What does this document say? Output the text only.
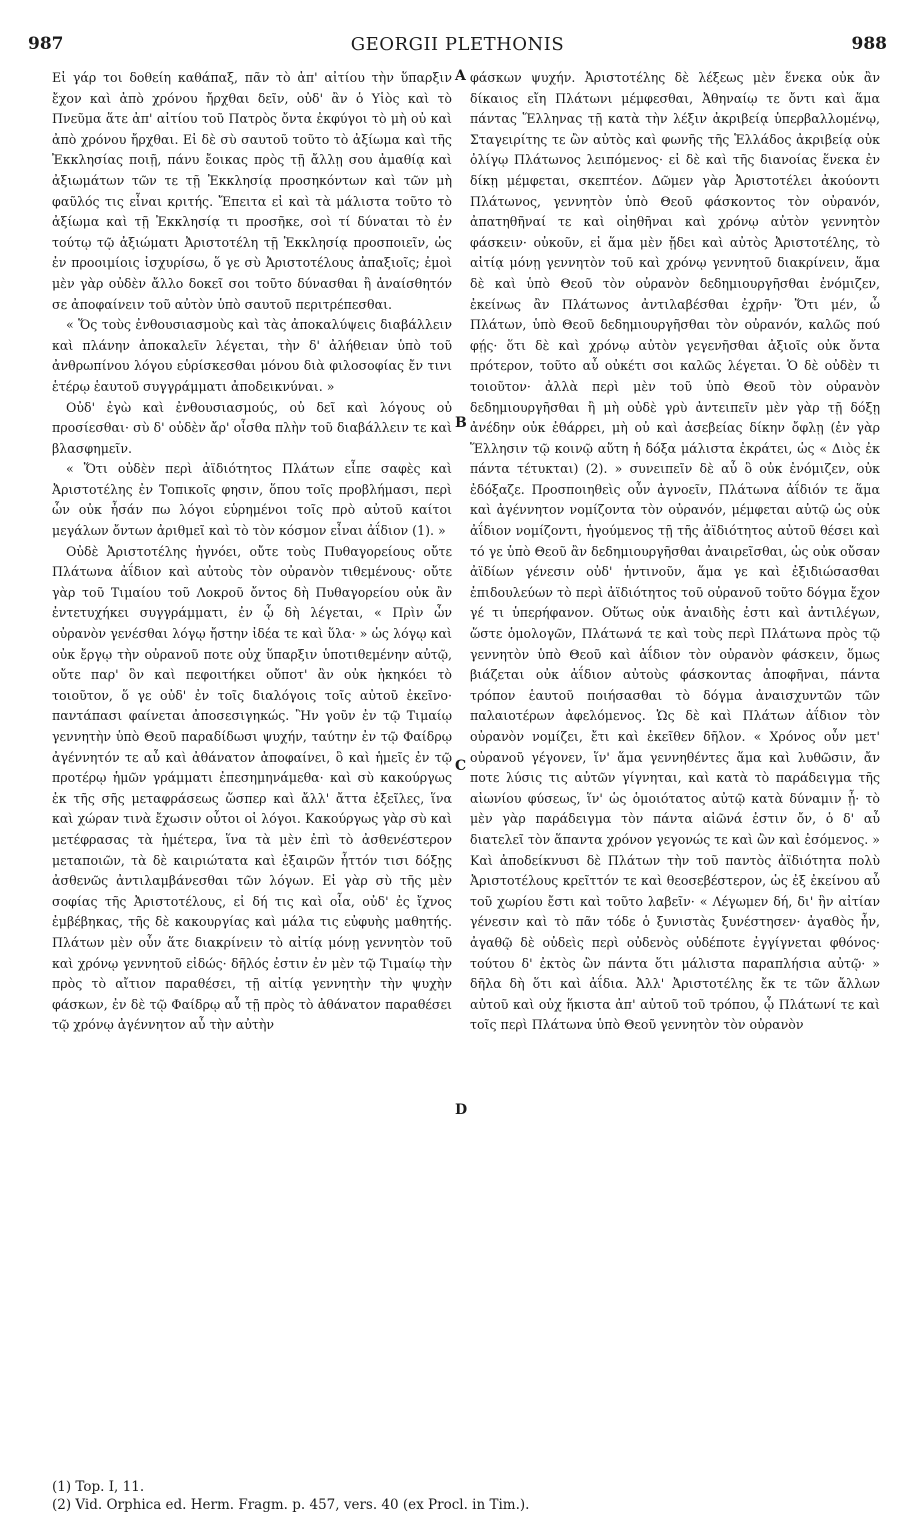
987	GEORGII PLETHONIS	988

Εἰ γάρ τοι δοθείη καθάπαξ, πᾶν τὸ ἀπ' αἰτίου τὴν ὕπαρξιν ἔχον καὶ ἀπὸ χρόνου ἤρχθαι δεῖν, οὐδ' ἂν ὁ Υἱὸς καὶ τὸ Πνεῦμα ἅτε ἀπ' αἰτίου τοῦ Πατρὸς ὄντα ἐκφύγοι τὸ μὴ οὐ καὶ ἀπὸ χρόνου ἤρχθαι. Εἰ δὲ σὺ σαυτοῦ τοῦτο τὸ ἀξίωμα καὶ τῆς Ἐκκλησίας ποιῇ, πάνυ ἔοικας πρὸς τῇ ἄλλῃ σου ἀμαθίᾳ καὶ ἀξιωμάτων τῶν τε τῇ Ἐκκλησίᾳ προσηκόντων καὶ τῶν μὴ φαῦλός τις εἶναι κριτής. Ἔπειτα εἰ καὶ τὰ μάλιστα τοῦτο τὸ ἀξίωμα καὶ τῇ Ἐκκλησίᾳ τι προσῆκε, σοὶ τί δύναται τὸ ἐν τούτῳ τῷ ἀξιώματι Ἀριστοτέλη τῇ Ἐκκλησίᾳ προσποιεῖν, ὡς ἐν προοιμίοις ἰσχυρίσω, ὅ γε σὺ Ἀριστοτέλους ἀπαξιοῖς; ἐμοὶ μὲν γὰρ οὐδὲν ἄλλο δοκεῖ σοι τοῦτο δύνασθαι ἢ ἀναίσθητόν σε ἀποφαίνειν τοῦ αὐτὸν ὑπὸ σαυτοῦ περιτρέπεσθαι.

« Ὅς τοὺς ἐνθουσιασμοὺς καὶ τὰς ἀποκαλύψεις διαβάλλειν καὶ πλάνην ἀποκαλεῖν λέγεται, τὴν δ' ἀλήθειαν ὑπὸ τοῦ ἀνθρωπίνου λόγου εὑρίσκεσθαι μόνου διὰ φιλοσοφίας ἔν τινι ἑτέρῳ ἑαυτοῦ συγγράμματι ἀποδεικνύναι. »

Οὐδ' ἐγὼ καὶ ἐνθουσιασμούς, οὐ δεῖ καὶ λόγους οὐ προσίεσθαι· σὺ δ' οὐδὲν ἄρ' οἶσθα πλὴν τοῦ διαβάλλειν τε καὶ βλασφημεῖν.

« Ὅτι οὐδὲν περὶ ἀϊδιότητος Πλάτων εἶπε σαφὲς καὶ Ἀριστοτέλης ἐν Τοπικοῖς φησιν, ὅπου τοῖς προβλήμασι, περὶ ὧν οὐκ ἦσάν πω λόγοι εὑρημένοι τοῖς πρὸ αὐτοῦ καίτοι μεγάλων ὄντων ἀριθμεῖ καὶ τὸ τὸν κόσμον εἶναι ἀΐδιον (1). »

Οὐδὲ Ἀριστοτέλης ἠγνόει, οὔτε τοὺς Πυθαγορείους οὔτε Πλάτωνα ἀΐδιον καὶ αὐτοὺς τὸν οὐρανὸν τιθεμένους· οὔτε γὰρ τοῦ Τιμαίου τοῦ Λοκροῦ ὄντος δὴ Πυθαγορείου οὐκ ἂν ἐντετυχήκει συγγράμματι, ἐν ᾧ δὴ λέγεται, « Πρὶν ὦν οὐρανὸν γενέσθαι λόγῳ ἤστην ἰδέα τε καὶ ὕλα· » ὡς λόγῳ καὶ οὐκ ἔργῳ τὴν οὐρανοῦ ποτε οὐχ ὕπαρξιν ὑποτιθεμένην αὐτῷ, οὔτε παρ' ὃν καὶ πεφοιτήκει οὔποτ' ἂν οὐκ ἠκηκόει τὸ τοιοῦτον, ὅ γε οὐδ' ἐν τοῖς διαλόγοις τοῖς αὐτοῦ ἐκεῖνο· παντάπασι φαίνεται ἀποσεσιγηκώς. Ἣν γοῦν ἐν τῷ Τιμαίῳ γεννητὴν ὑπὸ Θεοῦ παραδίδωσι ψυχήν, ταύτην ἐν τῷ Φαίδρῳ ἀγέννητόν τε αὖ καὶ ἀθάνατον ἀποφαίνει, ὃ καὶ ἡμεῖς ἐν τῷ προτέρῳ ἡμῶν γράμματι ἐπεσημηνάμεθα· καὶ σὺ κακούργως ἐκ τῆς σῆς μεταφράσεως ὥσπερ καὶ ἄλλ' ἄττα ἐξεῖλες, ἵνα καὶ χώραν τινὰ ἔχωσιν οὗτοι οἱ λόγοι. Κακούργως γὰρ σὺ καὶ μετέφρασας τὰ ἡμέτερα, ἵνα τὰ μὲν ἐπὶ τὸ ἀσθενέστερον μεταποιῶν, τὰ δὲ καιριώτατα καὶ ἐξαιρῶν ἧττόν τισι δόξῃς ἀσθενῶς ἀντιλαμβάνεσθαι τῶν λόγων. Εἰ γὰρ σὺ τῆς μὲν σοφίας τῆς Ἀριστοτέλους, εἰ δή τις καὶ οἷα, οὐδ' ἐς ἴχνος ἐμβέβηκας, τῆς δὲ κακουργίας καὶ μάλα τις εὐφυὴς μαθητής. Πλάτων μὲν οὖν ἅτε διακρίνειν τὸ αἰτίᾳ μόνῃ γεννητὸν τοῦ καὶ χρόνῳ γεννητοῦ εἰδώς· δῆλός ἐστιν ἐν μὲν τῷ Τιμαίῳ τὴν πρὸς τὸ αἴτιον παραθέσει, τῇ αἰτίᾳ γεννητὴν τὴν ψυχὴν φάσκων, ἐν δὲ τῷ Φαίδρῳ αὖ τῇ πρὸς τὸ ἀθάνατον παραθέσει τῷ χρόνῳ ἀγέννητον αὖ τὴν αὐτὴν

A
B
C
D

φάσκων ψυχήν. Ἀριστοτέλης δὲ λέξεως μὲν ἕνεκα οὐκ ἂν δίκαιος εἴη Πλάτωνι μέμφεσθαι, Ἀθηναίῳ τε ὄντι καὶ ἅμα πάντας Ἕλληνας τῇ κατὰ τὴν λέξιν ἀκριβείᾳ ὑπερβαλλομένῳ, Σταγειρίτης τε ὢν αὐτὸς καὶ φωνῆς τῆς Ἑλλάδος ἀκριβείᾳ οὐκ ὀλίγῳ Πλάτωνος λειπόμενος· εἰ δὲ καὶ τῆς διανοίας ἕνεκα ἐν δίκῃ μέμφεται, σκεπτέον. Δῶμεν γὰρ Ἀριστοτέλει ἀκούοντι Πλάτωνος, γεννητὸν ὑπὸ Θεοῦ φάσκοντος τὸν οὐρανόν, ἀπατηθῆναί τε καὶ οἰηθῆναι καὶ χρόνῳ αὐτὸν γεννητὸν φάσκειν· οὐκοῦν, εἰ ἅμα μὲν ᾔδει καὶ αὐτὸς Ἀριστοτέλης, τὸ αἰτίᾳ μόνῃ γεννητὸν τοῦ καὶ χρόνῳ γεννητοῦ διακρίνειν, ἅμα δὲ καὶ ὑπὸ Θεοῦ τὸν οὐρανὸν δεδημιουργῆσθαι ἐνόμιζεν, ἐκείνως ἂν Πλάτωνος ἀντιλαβέσθαι ἐχρῆν· Ὅτι μέν, ὦ Πλάτων, ὑπὸ Θεοῦ δεδημιουργῆσθαι τὸν οὐρανόν, καλῶς πού φῄς· ὅτι δὲ καὶ χρόνῳ αὐτὸν γεγενῆσθαι ἀξιοῖς οὐκ ὄντα πρότερον, τοῦτο αὖ οὐκέτι σοι καλῶς λέγεται. Ὁ δὲ οὐδὲν τι τοιοῦτον· ἀλλὰ περὶ μὲν τοῦ ὑπὸ Θεοῦ τὸν οὐρανὸν δεδημιουργῆσθαι ἢ μὴ οὐδὲ γρὺ ἀντειπεῖν μὲν γὰρ τῇ δόξῃ ἀνέδην οὐκ ἐθάρρει, μὴ οὐ καὶ ἀσεβείας δίκην ὄφλῃ (ἐν γὰρ Ἕλλησιν τῷ κοινῷ αὕτη ἡ δόξα μάλιστα ἐκράτει, ὡς « Διὸς ἐκ πάντα τέτυκται) (2). » συνειπεῖν δὲ αὖ ὃ οὐκ ἐνόμιζεν, οὐκ ἐδόξαζε. Προσποιηθεὶς οὖν ἀγνοεῖν, Πλάτωνα ἀΐδιόν τε ἅμα καὶ ἀγέννητον νομίζοντα τὸν οὐρανόν, μέμφεται αὐτῷ ὡς οὐκ ἀΐδιον νομίζοντι, ἡγούμενος τῇ τῆς ἀϊδιότητος αὐτοῦ θέσει καὶ τό γε ὑπὸ Θεοῦ ἂν δεδημιουργῆσθαι ἀναιρεῖσθαι, ὡς οὐκ οὔσαν ἀϊδίων γένεσιν οὐδ' ἡντινοῦν, ἅμα γε καὶ ἐξιδιώσασθαι ἐπιδουλεύων τὸ περὶ ἀϊδιότητος τοῦ οὐρανοῦ τοῦτο δόγμα ἔχον γέ τι ὑπερήφανον. Οὕτως οὐκ ἀναιδὴς ἐστι καὶ ἀντιλέγων, ὥστε ὁμολογῶν, Πλάτωνά τε καὶ τοὺς περὶ Πλάτωνα πρὸς τῷ γεννητὸν ὑπὸ Θεοῦ καὶ ἀΐδιον τὸν οὐρανὸν φάσκειν, ὅμως βιάζεται οὐκ ἀΐδιον αὐτοὺς φάσκοντας ἀποφῆναι, πάντα τρόπον ἑαυτοῦ ποιήσασθαι τὸ δόγμα ἀναισχυντῶν τῶν παλαιοτέρων ἀφελόμενος. Ὡς δὲ καὶ Πλάτων ἀΐδιον τὸν οὐρανὸν νομίζει, ἔτι καὶ ἐκεῖθεν δῆλον. « Χρόνος οὖν μετ' οὐρανοῦ γέγονεν, ἵν' ἅμα γεννηθέντες ἅμα καὶ λυθῶσιν, ἄν ποτε λύσις τις αὐτῶν γίγνηται, καὶ κατὰ τὸ παράδειγμα τῆς αἰωνίου φύσεως, ἵν' ὡς ὁμοιότατος αὐτῷ κατὰ δύναμιν ᾖ· τὸ μὲν γὰρ παράδειγμα τὸν πάντα αἰῶνά ἐστιν ὄν, ὁ δ' αὖ διατελεῖ τὸν ἅπαντα χρόνον γεγονώς τε καὶ ὢν καὶ ἐσόμενος. » Καὶ ἀποδείκνυσι δὲ Πλάτων τὴν τοῦ παντὸς ἀϊδιότητα πολὺ Ἀριστοτέλους κρεῖττόν τε καὶ θεοσεβέστερον, ὡς ἐξ ἐκείνου αὖ τοῦ χωρίου ἔστι καὶ τοῦτο λαβεῖν· « Λέγωμεν δή, δι' ἣν αἰτίαν γένεσιν καὶ τὸ πᾶν τόδε ὁ ξυνιστὰς ξυνέστησεν· ἀγαθὸς ἦν, ἀγαθῷ δὲ οὐδεὶς περὶ οὐδενὸς οὐδέποτε ἐγγίγνεται φθόνος· τούτου δ' ἐκτὸς ὢν πάντα ὅτι μάλιστα παραπλήσια αὐτῷ· » δῆλα δὴ ὅτι καὶ ἀΐδια. Ἀλλ' Ἀριστοτέλης ἔκ τε τῶν ἄλλων αὐτοῦ καὶ οὐχ ἥκιστα ἀπ' αὐτοῦ τοῦ τρόπου, ᾧ Πλάτωνί τε καὶ τοῖς περὶ Πλάτωνα ὑπὸ Θεοῦ γεννητὸν τὸν οὐρανὸν

(1) Top. I, 11.
(2) Vid. Orphica ed. Herm. Fragm. p. 457, vers. 40 (ex Procl. in Tim.).
